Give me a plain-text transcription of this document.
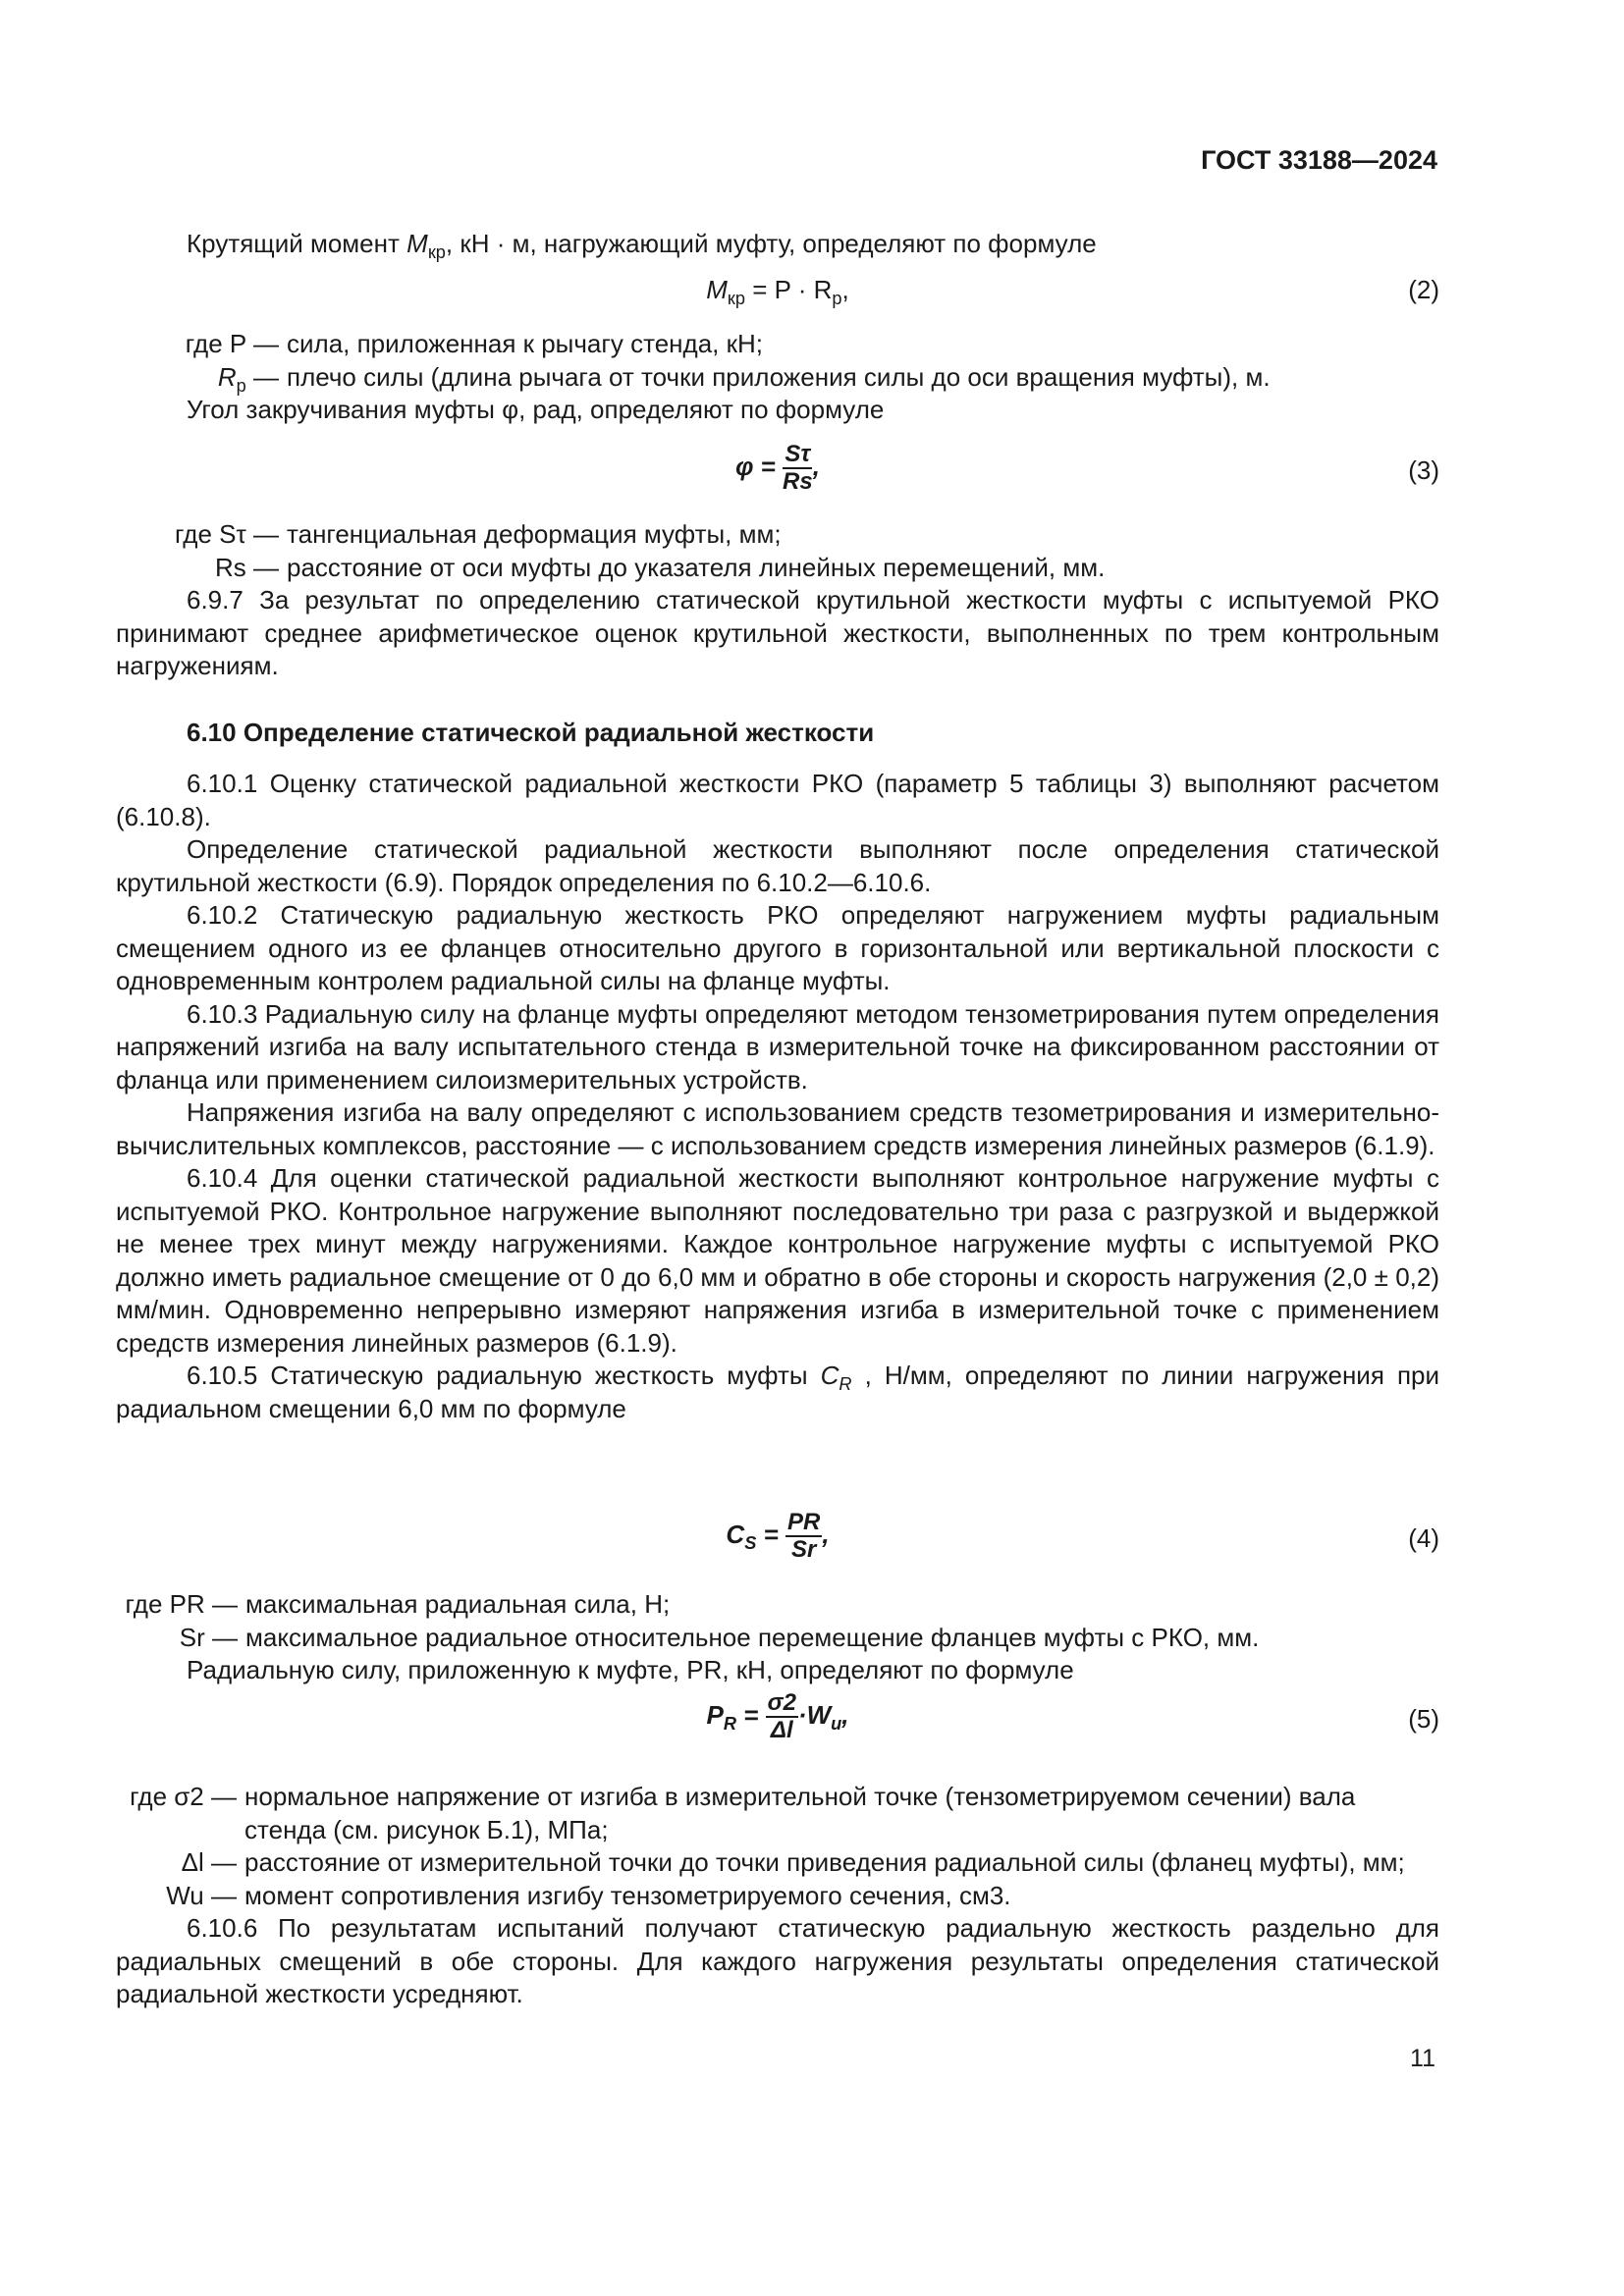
ГОСТ 33188—2024

Крутящий момент $M_{кр}$, кН · м, нагружающий муфту, определяют по формуле

$M_{кр} = P \cdot R_р$,	(2)
где P — сила, приложенная к рычагу стенда, кН;
$R_р$ — плечо силы (длина рычага от точки приложения силы до оси вращения муфты), м.

Угол закручивания муфты φ, рад, определяют по формуле

$\varphi = \frac{S\tau}{Rs}$ ,	(3)
где Sτ — тангенциальная деформация муфты, мм;
Rs — расстояние от оси муфты до указателя линейных перемещений, мм.

6.9.7 За результат по определению статической крутильной жесткости муфты с испытуемой РКО принимают среднее арифметическое оценок крутильной жесткости, выполненных по трем контрольным нагружениям.

6.10 Определение статической радиальной жесткости

6.10.1 Оценку статической радиальной жесткости РКО (параметр 5 таблицы 3) выполняют расчетом (6.10.8).

Определение статической радиальной жесткости выполняют после определения статической крутильной жесткости (6.9). Порядок определения по 6.10.2—6.10.6.

6.10.2 Статическую радиальную жесткость РКО определяют нагружением муфты радиальным смещением одного из ее фланцев относительно другого в горизонтальной или вертикальной плоскости с одновременным контролем радиальной силы на фланце муфты.

6.10.3 Радиальную силу на фланце муфты определяют методом тензометрирования путем определения напряжений изгиба на валу испытательного стенда в измерительной точке на фиксированном расстоянии от фланца или применением силоизмерительных устройств.

Напряжения изгиба на валу определяют с использованием средств тезометрирования и измерительно-вычислительных комплексов, расстояние — с использованием средств измерения линейных размеров (6.1.9).

6.10.4 Для оценки статической радиальной жесткости выполняют контрольное нагружение муфты с испытуемой РКО. Контрольное нагружение выполняют последовательно три раза с разгрузкой и выдержкой не менее трех минут между нагружениями. Каждое контрольное нагружение муфты с испытуемой РКО должно иметь радиальное смещение от 0 до 6,0 мм и обратно в обе стороны и скорость нагружения (2,0 ± 0,2) мм/мин. Одновременно непрерывно измеряют напряжения изгиба в измерительной точке с применением средств измерения линейных размеров (6.1.9).

6.10.5 Статическую радиальную жесткость муфты $C_R$ , Н/мм, определяют по линии нагружения при радиальном смещении 6,0 мм по формуле

$C_S = \frac{PR}{Sr}$ ,	(4)
где PR — максимальная радиальная сила, Н;
Sr — максимальное радиальное относительное перемещение фланцев муфты с РКО, мм.

Радиальную силу, приложенную к муфте, PR, кН, определяют по формуле

$P_R = \frac{\sigma 2}{\Delta l} \cdot W_u$,	(5)
где σ2 — нормальное напряжение от изгиба в измерительной точке (тензометрируемом сечении) вала стенда (см. рисунок Б.1), МПа;
Δl — расстояние от измерительной точки до точки приведения радиальной силы (фланец муфты), мм;
Wu — момент сопротивления изгибу тензометрируемого сечения, см3.

6.10.6 По результатам испытаний получают статическую радиальную жесткость раздельно для радиальных смещений в обе стороны. Для каждого нагружения результаты определения статической радиальной жесткости усредняют.

11
